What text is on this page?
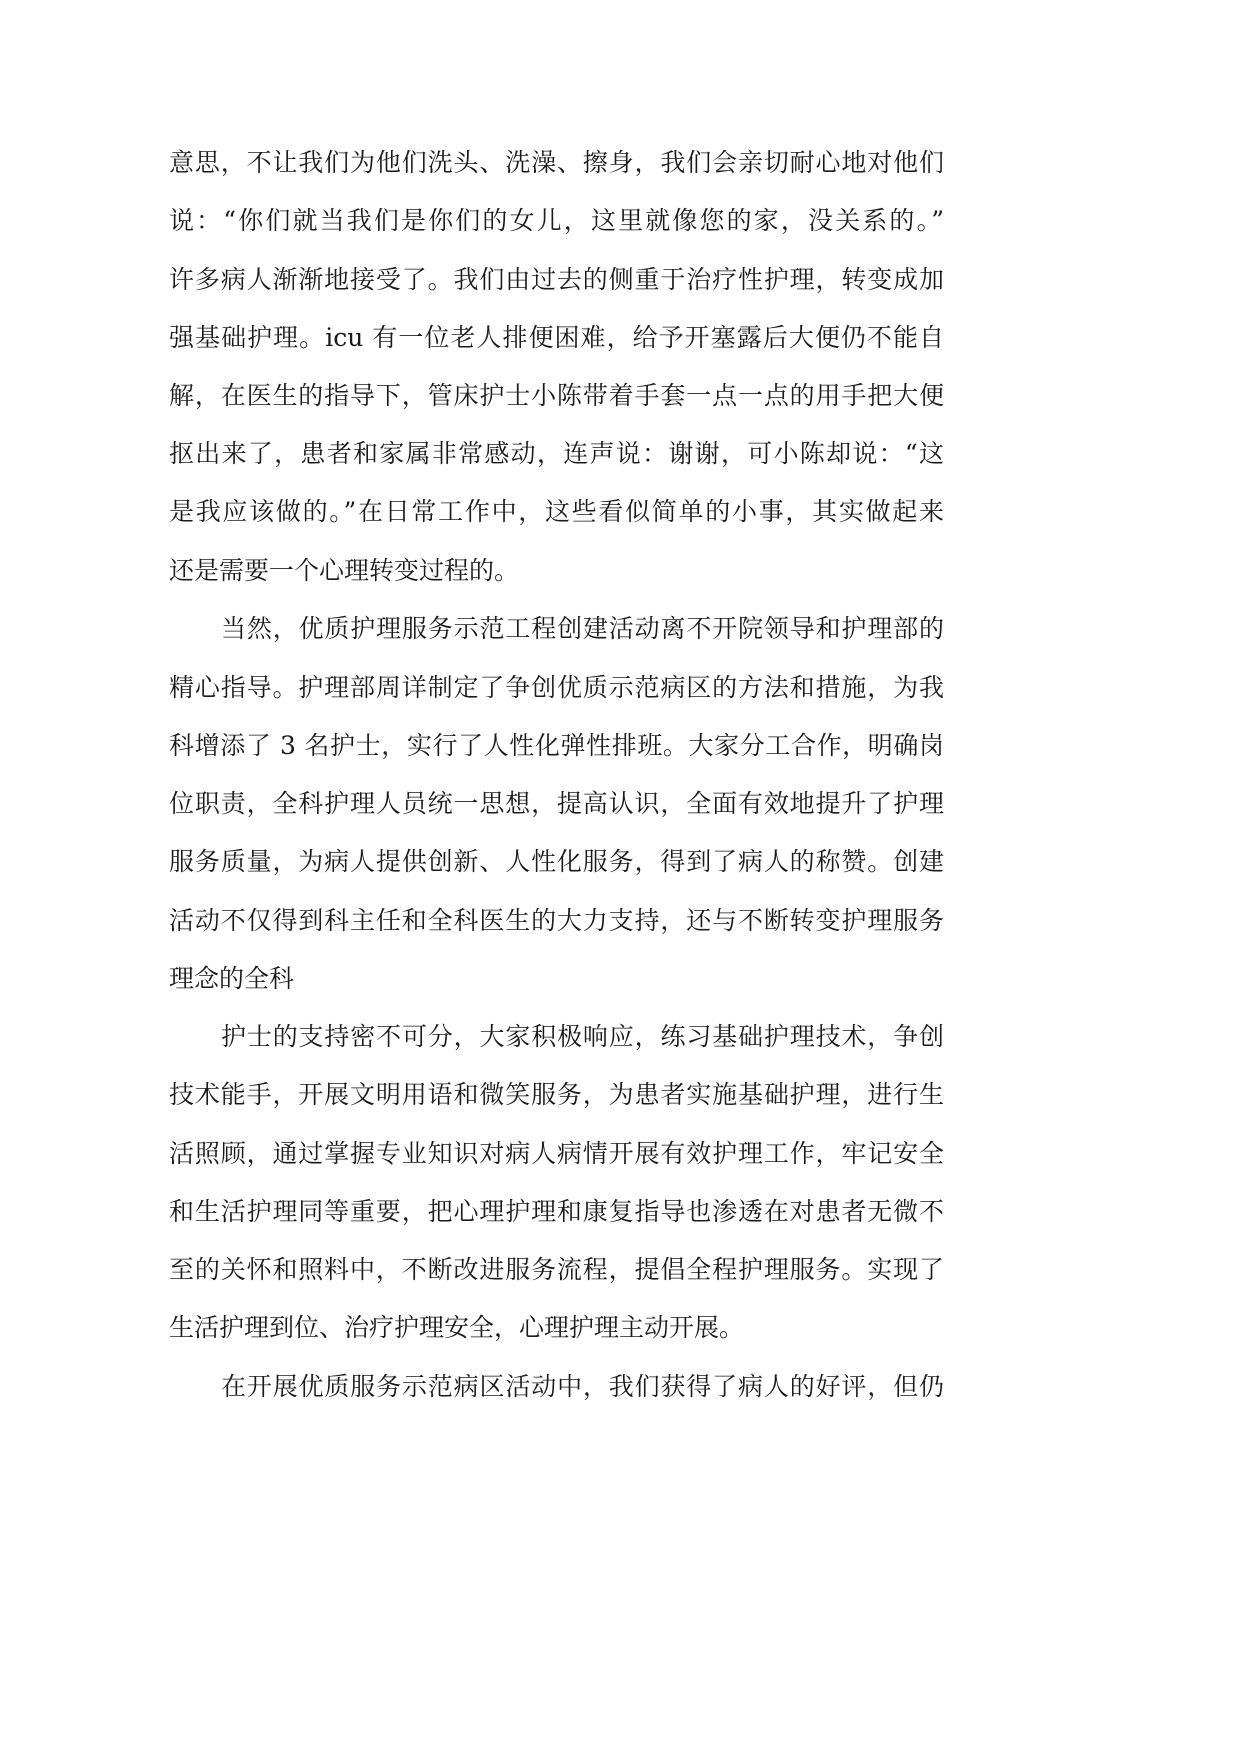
意思，不让我们为他们洗头、洗澡、擦身，我们会亲切耐心地对他们

说：“你们就当我们是你们的女儿，这里就像您的家，没关系的。”

许多病人渐渐地接受了。我们由过去的侧重于治疗性护理，转变成加

强基础护理。icu 有一位老人排便困难，给予开塞露后大便仍不能自

解，在医生的指导下，管床护士小陈带着手套一点一点的用手把大便

抠出来了，患者和家属非常感动，连声说：谢谢，可小陈却说：“这

是我应该做的。”在日常工作中，这些看似简单的小事，其实做起来

还是需要一个心理转变过程的。

当然，优质护理服务示范工程创建活动离不开院领导和护理部的

精心指导。护理部周详制定了争创优质示范病区的方法和措施，为我

科增添了 3 名护士，实行了人性化弹性排班。大家分工合作，明确岗

位职责，全科护理人员统一思想，提高认识，全面有效地提升了护理

服务质量，为病人提供创新、人性化服务，得到了病人的称赞。创建

活动不仅得到科主任和全科医生的大力支持，还与不断转变护理服务

理念的全科

护士的支持密不可分，大家积极响应，练习基础护理技术，争创

技术能手，开展文明用语和微笑服务，为患者实施基础护理，进行生

活照顾，通过掌握专业知识对病人病情开展有效护理工作，牢记安全

和生活护理同等重要，把心理护理和康复指导也渗透在对患者无微不

至的关怀和照料中，不断改进服务流程，提倡全程护理服务。实现了

生活护理到位、治疗护理安全，心理护理主动开展。

在开展优质服务示范病区活动中，我们获得了病人的好评，但仍
